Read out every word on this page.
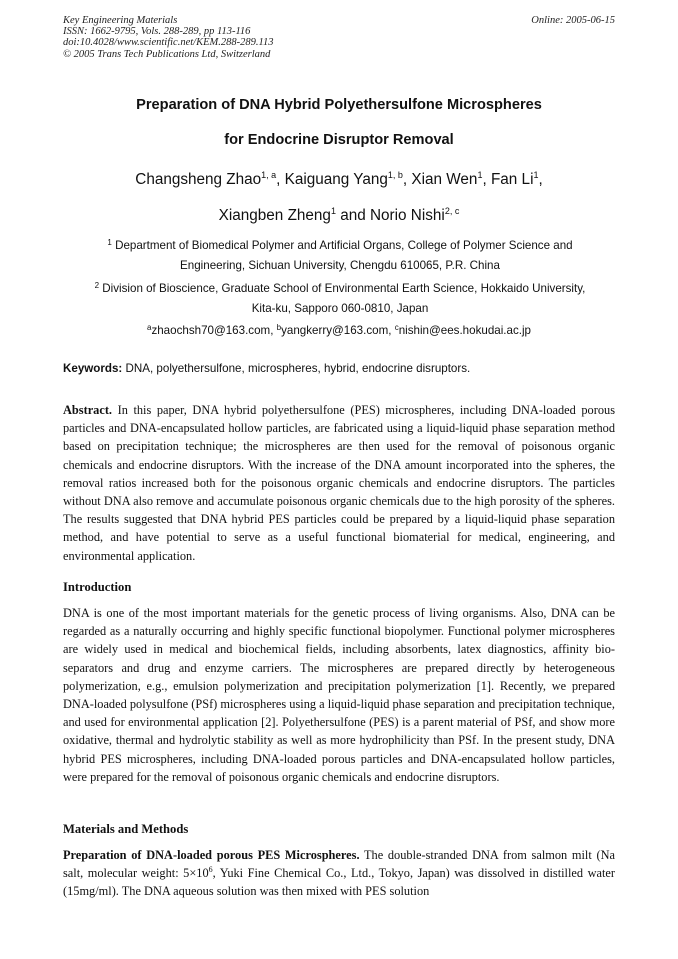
Key Engineering Materials
ISSN: 1662-9795, Vols. 288-289, pp 113-116
doi:10.4028/www.scientific.net/KEM.288-289.113
© 2005 Trans Tech Publications Ltd, Switzerland
Online: 2005-06-15
Preparation of DNA Hybrid Polyethersulfone Microspheres
for Endocrine Disruptor Removal
Changsheng Zhao$^{1, a}$, Kaiguang Yang$^{1, b}$, Xian Wen$^1$, Fan Li$^1$,
Xiangben Zheng$^1$ and Norio Nishi$^{2, c}$
$^1$ Department of Biomedical Polymer and Artificial Organs, College of Polymer Science and
Engineering, Sichuan University, Chengdu 610065, P.R. China
$^2$ Division of Bioscience, Graduate School of Environmental Earth Science, Hokkaido University,
Kita-ku, Sapporo 060-0810, Japan
$^a$zhaochsh70@163.com, $^b$yangkerry@163.com, $^c$nishin@ees.hokudai.ac.jp
Keywords: DNA, polyethersulfone, microspheres, hybrid, endocrine disruptors.
Abstract. In this paper, DNA hybrid polyethersulfone (PES) microspheres, including DNA-loaded porous particles and DNA-encapsulated hollow particles, are fabricated using a liquid-liquid phase separation method based on precipitation technique; the microspheres are then used for the removal of poisonous organic chemicals and endocrine disruptors. With the increase of the DNA amount incorporated into the spheres, the removal ratios increased both for the poisonous organic chemicals and endocrine disruptors. The particles without DNA also remove and accumulate poisonous organic chemicals due to the high porosity of the spheres. The results suggested that DNA hybrid PES particles could be prepared by a liquid-liquid phase separation method, and have potential to serve as a useful functional biomaterial for medical, engineering, and environmental application.
Introduction
DNA is one of the most important materials for the genetic process of living organisms. Also, DNA can be regarded as a naturally occurring and highly specific functional biopolymer. Functional polymer microspheres are widely used in medical and biochemical fields, including absorbents, latex diagnostics, affinity bio-separators and drug and enzyme carriers. The microspheres are prepared directly by heterogeneous polymerization, e.g., emulsion polymerization and precipitation polymerization [1]. Recently, we prepared DNA-loaded polysulfone (PSf) microspheres using a liquid-liquid phase separation and precipitation technique, and used for environmental application [2]. Polyethersulfone (PES) is a parent material of PSf, and show more oxidative, thermal and hydrolytic stability as well as more hydrophilicity than PSf. In the present study, DNA hybrid PES microspheres, including DNA-loaded porous particles and DNA-encapsulated hollow particles, were prepared for the removal of poisonous organic chemicals and endocrine disruptors.
Materials and Methods
Preparation of DNA-loaded porous PES Microspheres. The double-stranded DNA from salmon milt (Na salt, molecular weight: $5\times 10^6$, Yuki Fine Chemical Co., Ltd., Tokyo, Japan) was dissolved in distilled water (15mg/ml). The DNA aqueous solution was then mixed with PES solution
